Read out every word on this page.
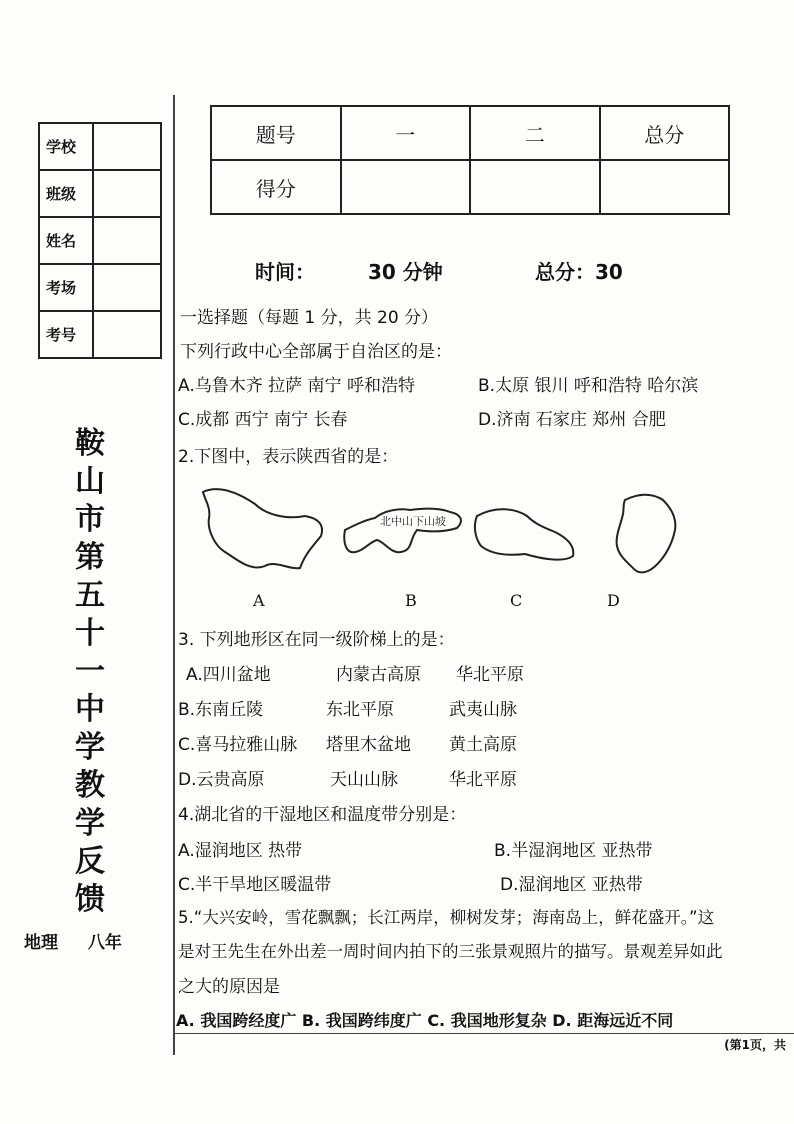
学校	
班级	
姓名	
考场	
考号	
鞍
山
市
第
五
十
一
中
学
教
学
反
馈
地理 八年
题号	一	二	总分
得分			
时间：	30 分钟	总分：30
一选择题（每题 1 分，共 20 分）
下列行政中心全部属于自治区的是：
A.乌鲁木齐 拉萨 南宁 呼和浩特	B.太原 银川 呼和浩特 哈尔滨
C.成都 西宁 南宁 长春	D.济南 石家庄 郑州 合肥
2.下图中，表示陕西省的是：
北中山下山坡
A	B	C	D
3. 下列地形区在同一级阶梯上的是：
A.四川盆地	内蒙古高原 华北平原
B.东南丘陵	东北平原	武夷山脉
C.喜马拉雅山脉 塔里木盆地 黄土高原
D.云贵高原	天山山脉	华北平原
4.湖北省的干湿地区和温度带分别是：
A.湿润地区 热带	B.半湿润地区 亚热带
C.半干旱地区暖温带	D.湿润地区 亚热带
5.“大兴安岭，雪花飘飘；长江两岸，柳树发芽；海南岛上，鲜花盛开。”这
是对王先生在外出差一周时间内拍下的三张景观照片的描写。景观差异如此
之大的原因是
A. 我国跨经度广 B. 我国跨纬度广 C. 我国地形复杂 D. 距海远近不同
(第1页，共
